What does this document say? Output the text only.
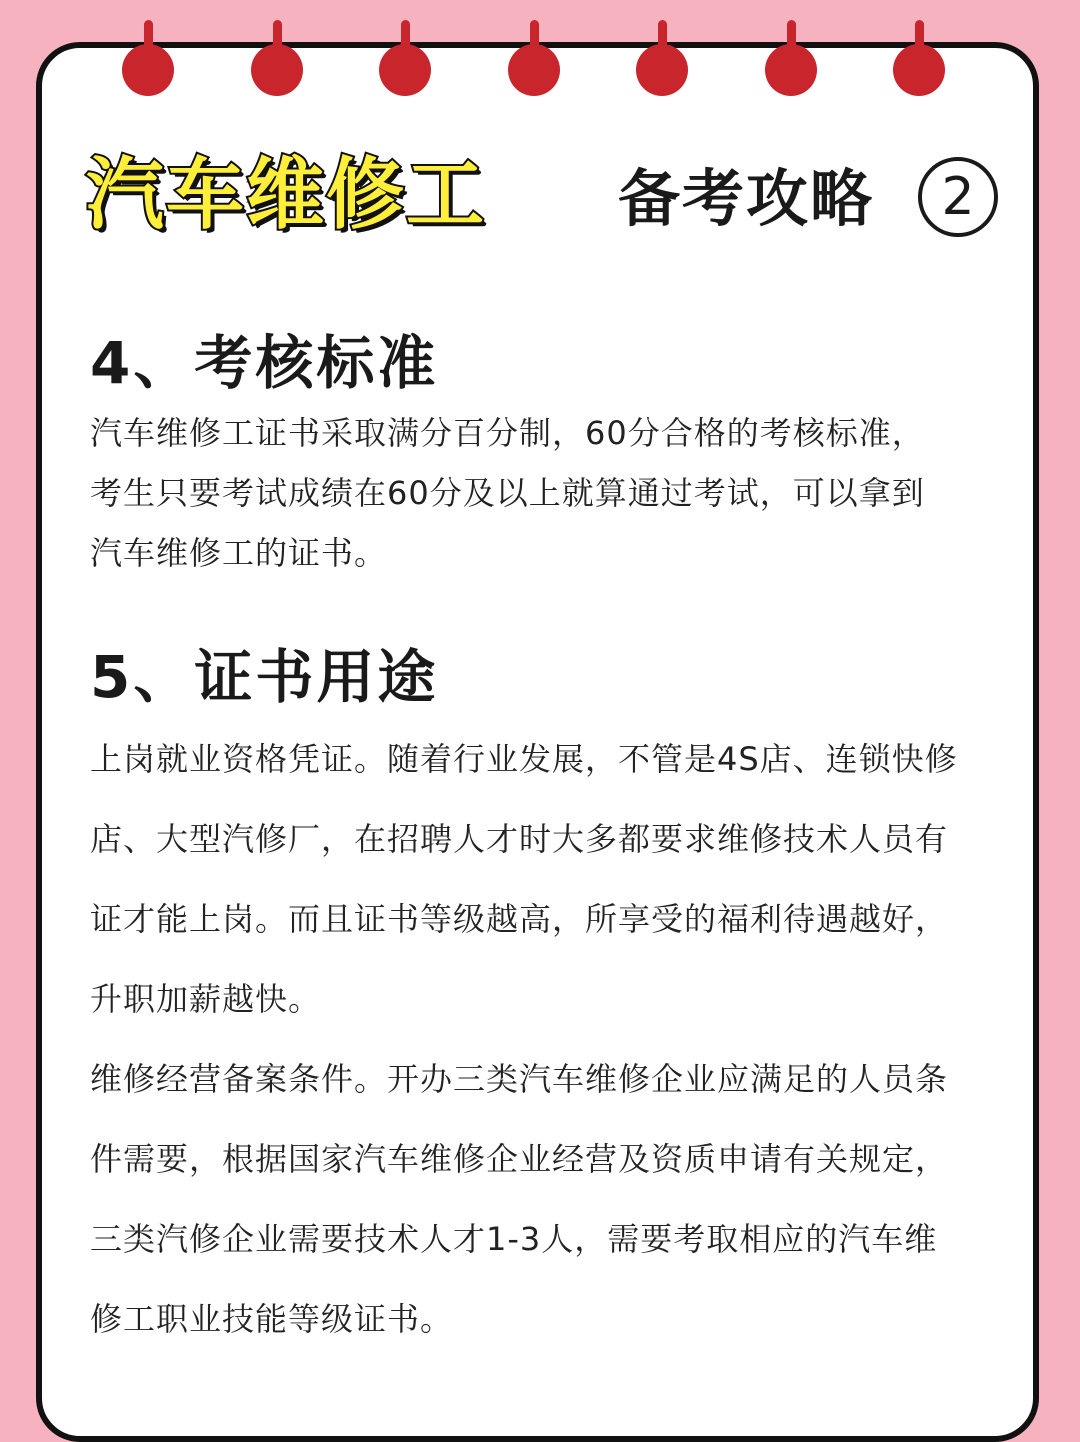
汽车维修工 备考攻略	2
4、考核标准
汽车维修工证书采取满分百分制，60分合格的考核标准，
考生只要考试成绩在60分及以上就算通过考试，可以拿到
汽车维修工的证书。
5、证书用途
上岗就业资格凭证。随着行业发展，不管是4S店、连锁快修
店、大型汽修厂，在招聘人才时大多都要求维修技术人员有
证才能上岗。而且证书等级越高，所享受的福利待遇越好，
升职加薪越快。
维修经营备案条件。开办三类汽车维修企业应满足的人员条
件需要，根据国家汽车维修企业经营及资质申请有关规定，
三类汽修企业需要技术人才1-3人，需要考取相应的汽车维
修工职业技能等级证书。
